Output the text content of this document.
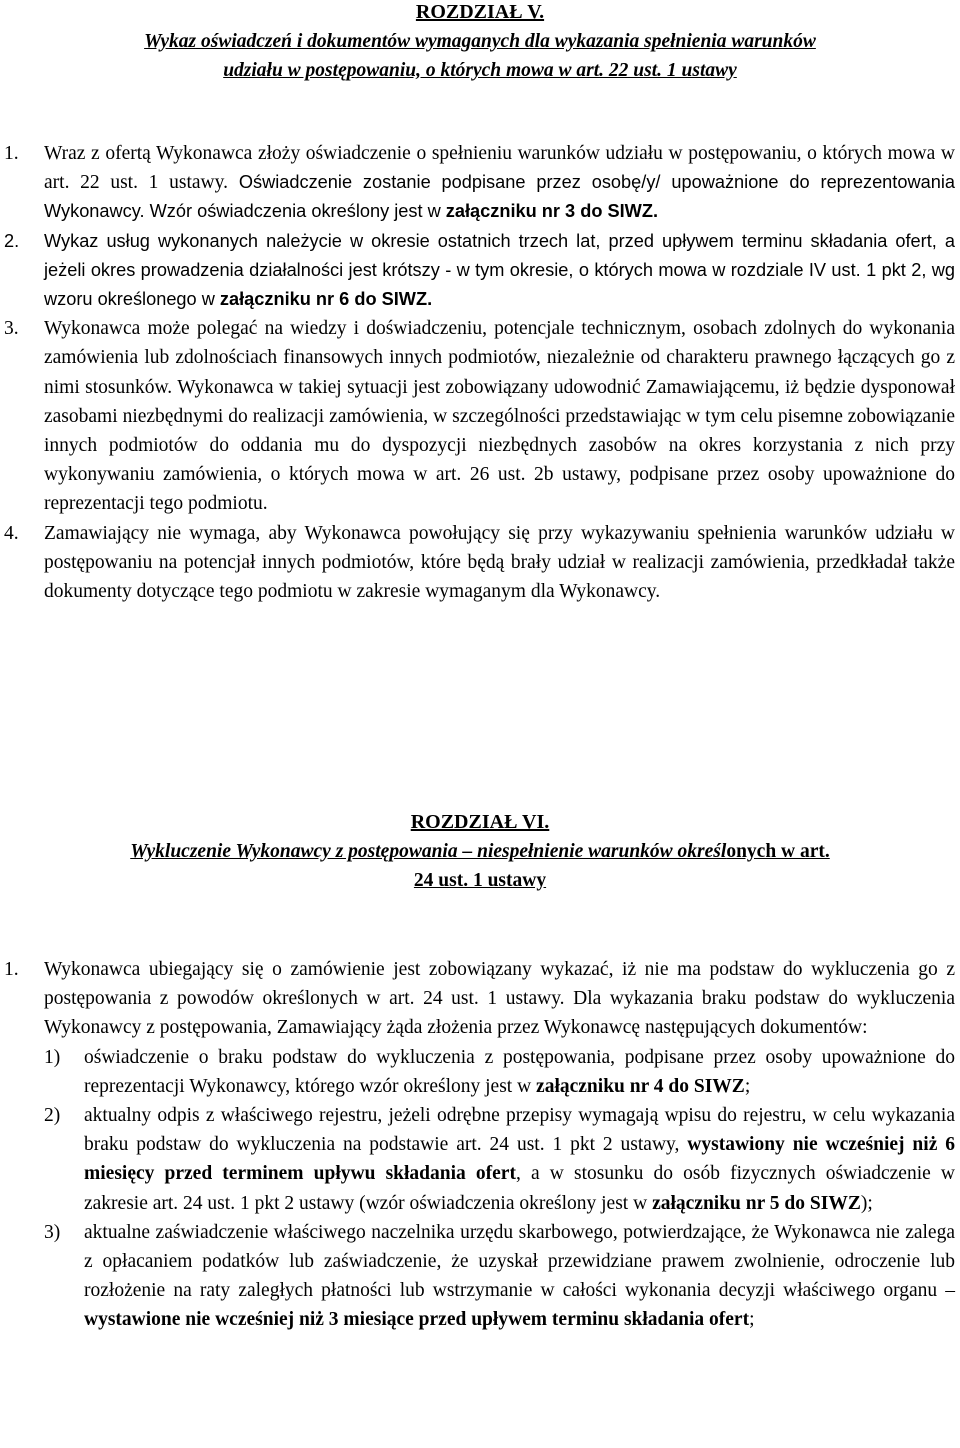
ROZDZIAŁ V.
Wykaz oświadczeń i dokumentów wymaganych dla wykazania spełnienia warunków
udziału w postępowaniu, o których mowa w art. 22 ust. 1 ustawy
1. Wraz z ofertą Wykonawca złoży oświadczenie o spełnieniu warunków udziału w postępowaniu, o których mowa w art. 22 ust. 1 ustawy. Oświadczenie zostanie podpisane przez osobę/y/ upoważnione do reprezentowania Wykonawcy. Wzór oświadczenia określony jest w załączniku nr 3 do SIWZ.
2. Wykaz usług wykonanych należycie w okresie ostatnich trzech lat, przed upływem terminu składania ofert, a jeżeli okres prowadzenia działalności jest krótszy - w tym okresie, o których mowa w rozdziale IV ust. 1 pkt 2, wg wzoru określonego w załączniku nr 6 do SIWZ.
3. Wykonawca może polegać na wiedzy i doświadczeniu, potencjale technicznym, osobach zdolnych do wykonania zamówienia lub zdolnościach finansowych innych podmiotów, niezależnie od charakteru prawnego łączących go z nimi stosunków. Wykonawca w takiej sytuacji jest zobowiązany udowodnić Zamawiającemu, iż będzie dysponował zasobami niezbędnymi do realizacji zamówienia, w szczególności przedstawiając w tym celu pisemne zobowiązanie innych podmiotów do oddania mu do dyspozycji niezbędnych zasobów na okres korzystania z nich przy wykonywaniu zamówienia, o których mowa w art. 26 ust. 2b ustawy, podpisane przez osoby upoważnione do reprezentacji tego podmiotu.
4. Zamawiający nie wymaga, aby Wykonawca powołujący się przy wykazywaniu spełnienia warunków udziału w postępowaniu na potencjał innych podmiotów, które będą brały udział w realizacji zamówienia, przedkładał także dokumenty dotyczące tego podmiotu w zakresie wymaganym dla Wykonawcy.
ROZDZIAŁ VI.
Wykluczenie Wykonawcy z postępowania – niespełnienie warunków określonych w art.
24 ust. 1 ustawy
1. Wykonawca ubiegający się o zamówienie jest zobowiązany wykazać, iż nie ma podstaw do wykluczenia go z postępowania z powodów określonych w art. 24 ust. 1 ustawy. Dla wykazania braku podstaw do wykluczenia Wykonawcy z postępowania, Zamawiający żąda złożenia przez Wykonawcę następujących dokumentów:
1) oświadczenie o braku podstaw do wykluczenia z postępowania, podpisane przez osoby upoważnione do reprezentacji Wykonawcy, którego wzór określony jest w załączniku nr 4 do SIWZ;
2) aktualny odpis z właściwego rejestru, jeżeli odrębne przepisy wymagają wpisu do rejestru, w celu wykazania braku podstaw do wykluczenia na podstawie art. 24 ust. 1 pkt 2 ustawy, wystawiony nie wcześniej niż 6 miesięcy przed terminem upływu składania ofert, a w stosunku do osób fizycznych oświadczenie w zakresie art. 24 ust. 1 pkt 2 ustawy (wzór oświadczenia określony jest w załączniku nr 5 do SIWZ);
3) aktualne zaświadczenie właściwego naczelnika urzędu skarbowego, potwierdzające, że Wykonawca nie zalega z opłacaniem podatków lub zaświadczenie, że uzyskał przewidziane prawem zwolnienie, odroczenie lub rozłożenie na raty zaległych płatności lub wstrzymanie w całości wykonania decyzji właściwego organu – wystawione nie wcześniej niż 3 miesiące przed upływem terminu składania ofert;
